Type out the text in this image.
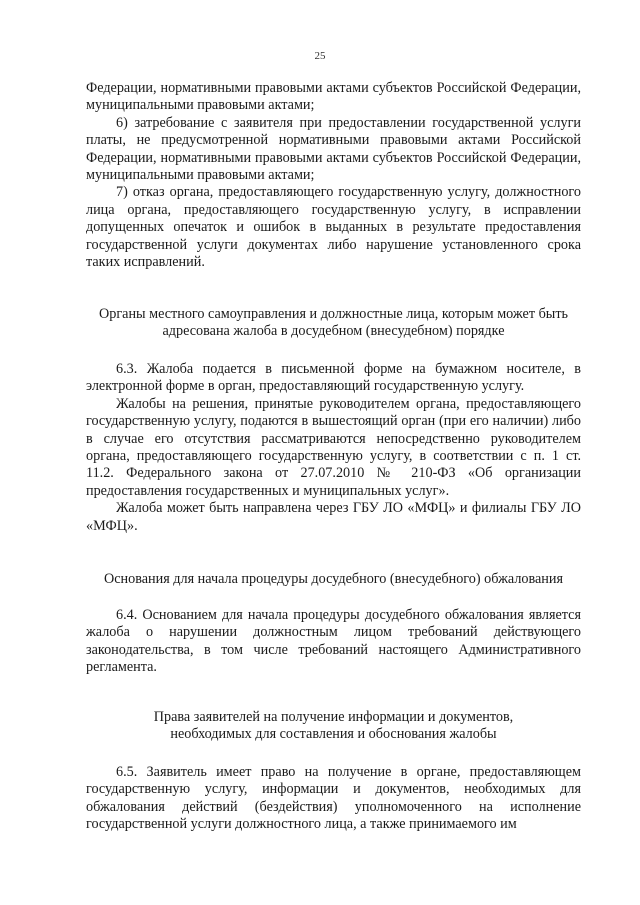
25

Федерации, нормативными правовыми актами субъектов Российской Федерации, муниципальными правовыми актами;

6) затребование с заявителя при предоставлении государственной услуги платы, не предусмотренной нормативными правовыми актами Российской Федерации, нормативными правовыми актами субъектов Российской Федерации, муниципальными правовыми актами;

7) отказ органа, предоставляющего государственную услугу, должностного лица органа, предоставляющего государственную услугу, в исправлении допущенных опечаток и ошибок в выданных в результате предоставления государственной услуги документах либо нарушение установленного срока таких исправлений.

Органы местного самоуправления и должностные лица, которым может быть
адресована жалоба в досудебном (внесудебном) порядке

6.3. Жалоба подается в письменной форме на бумажном носителе, в электронной форме в орган, предоставляющий государственную услугу.

Жалобы на решения, принятые руководителем органа, предоставляющего государственную услугу, подаются в вышестоящий орган (при его наличии) либо в случае его отсутствия рассматриваются непосредственно руководителем органа, предоставляющего государственную услугу, в соответствии с п. 1 ст. 11.2. Федерального закона от 27.07.2010 № 210-ФЗ «Об организации предоставления государственных и муниципальных услуг».

Жалоба может быть направлена через ГБУ ЛО «МФЦ» и филиалы ГБУ ЛО «МФЦ».

Основания для начала процедуры досудебного (внесудебного) обжалования

6.4. Основанием для начала процедуры досудебного обжалования является жалоба о нарушении должностным лицом требований действующего законодательства, в том числе требований настоящего Административного регламента.

Права заявителей на получение информации и документов,
необходимых для составления и обоснования жалобы

6.5. Заявитель имеет право на получение в органе, предоставляющем государственную услугу, информации и документов, необходимых для обжалования действий (бездействия) уполномоченного на исполнение государственной услуги должностного лица, а также принимаемого им
